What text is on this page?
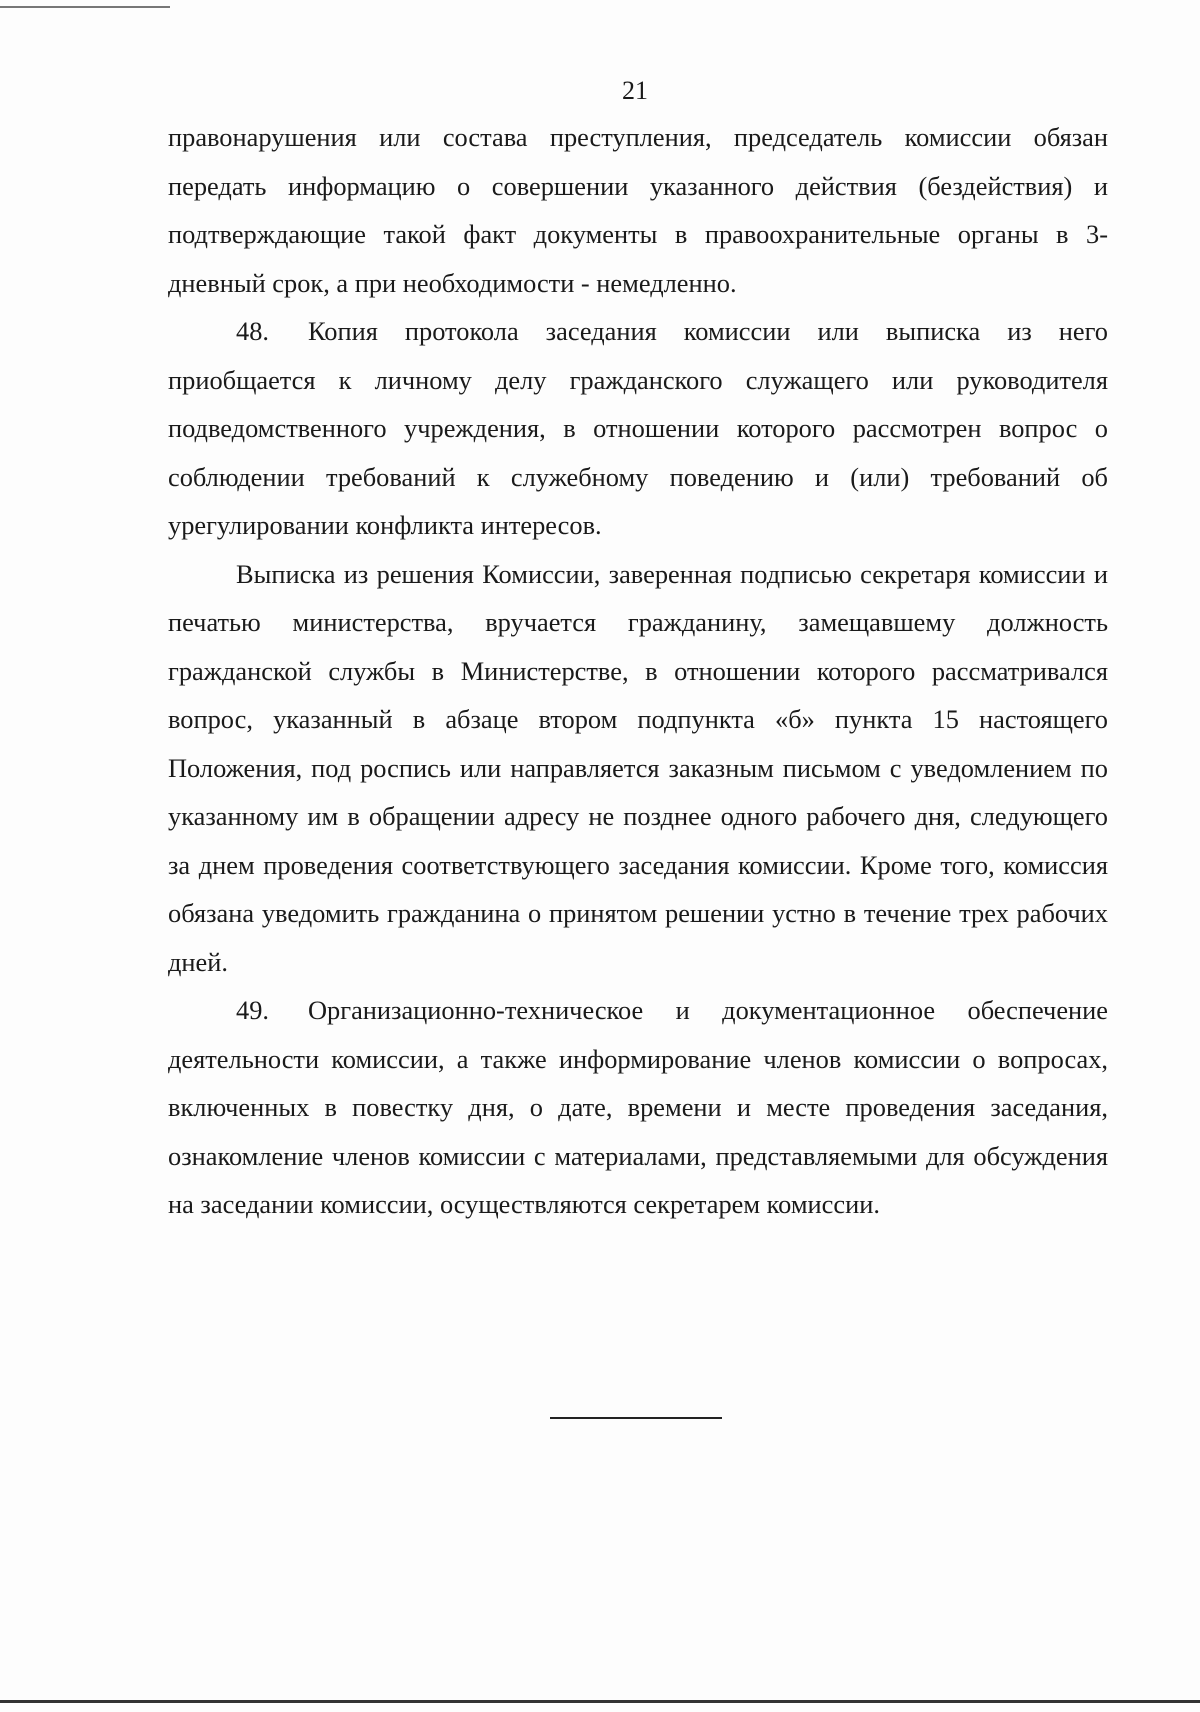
21

правонарушения или состава преступления, председатель комиссии обязан передать информацию о совершении указанного действия (бездействия) и подтверждающие такой факт документы в правоохранительные органы в 3-дневный срок, а при необходимости - немедленно.

48. Копия протокола заседания комиссии или выписка из него приобщается к личному делу гражданского служащего или руководителя подведомственного учреждения, в отношении которого рассмотрен вопрос о соблюдении требований к служебному поведению и (или) требований об урегулировании конфликта интересов.

Выписка из решения Комиссии, заверенная подписью секретаря комиссии и печатью министерства, вручается гражданину, замещавшему должность гражданской службы в Министерстве, в отношении которого рассматривался вопрос, указанный в абзаце втором подпункта «б» пункта 15 настоящего Положения, под роспись или направляется заказным письмом с уведомлением по указанному им в обращении адресу не позднее одного рабочего дня, следующего за днем проведения соответствующего заседания комиссии. Кроме того, комиссия обязана уведомить гражданина о принятом решении устно в течение трех рабочих дней.

49. Организационно-техническое и документационное обеспечение деятельности комиссии, а также информирование членов комиссии о вопросах, включенных в повестку дня, о дате, времени и месте проведения заседания, ознакомление членов комиссии с материалами, представляемыми для обсуждения на заседании комиссии, осуществляются секретарем комиссии.
